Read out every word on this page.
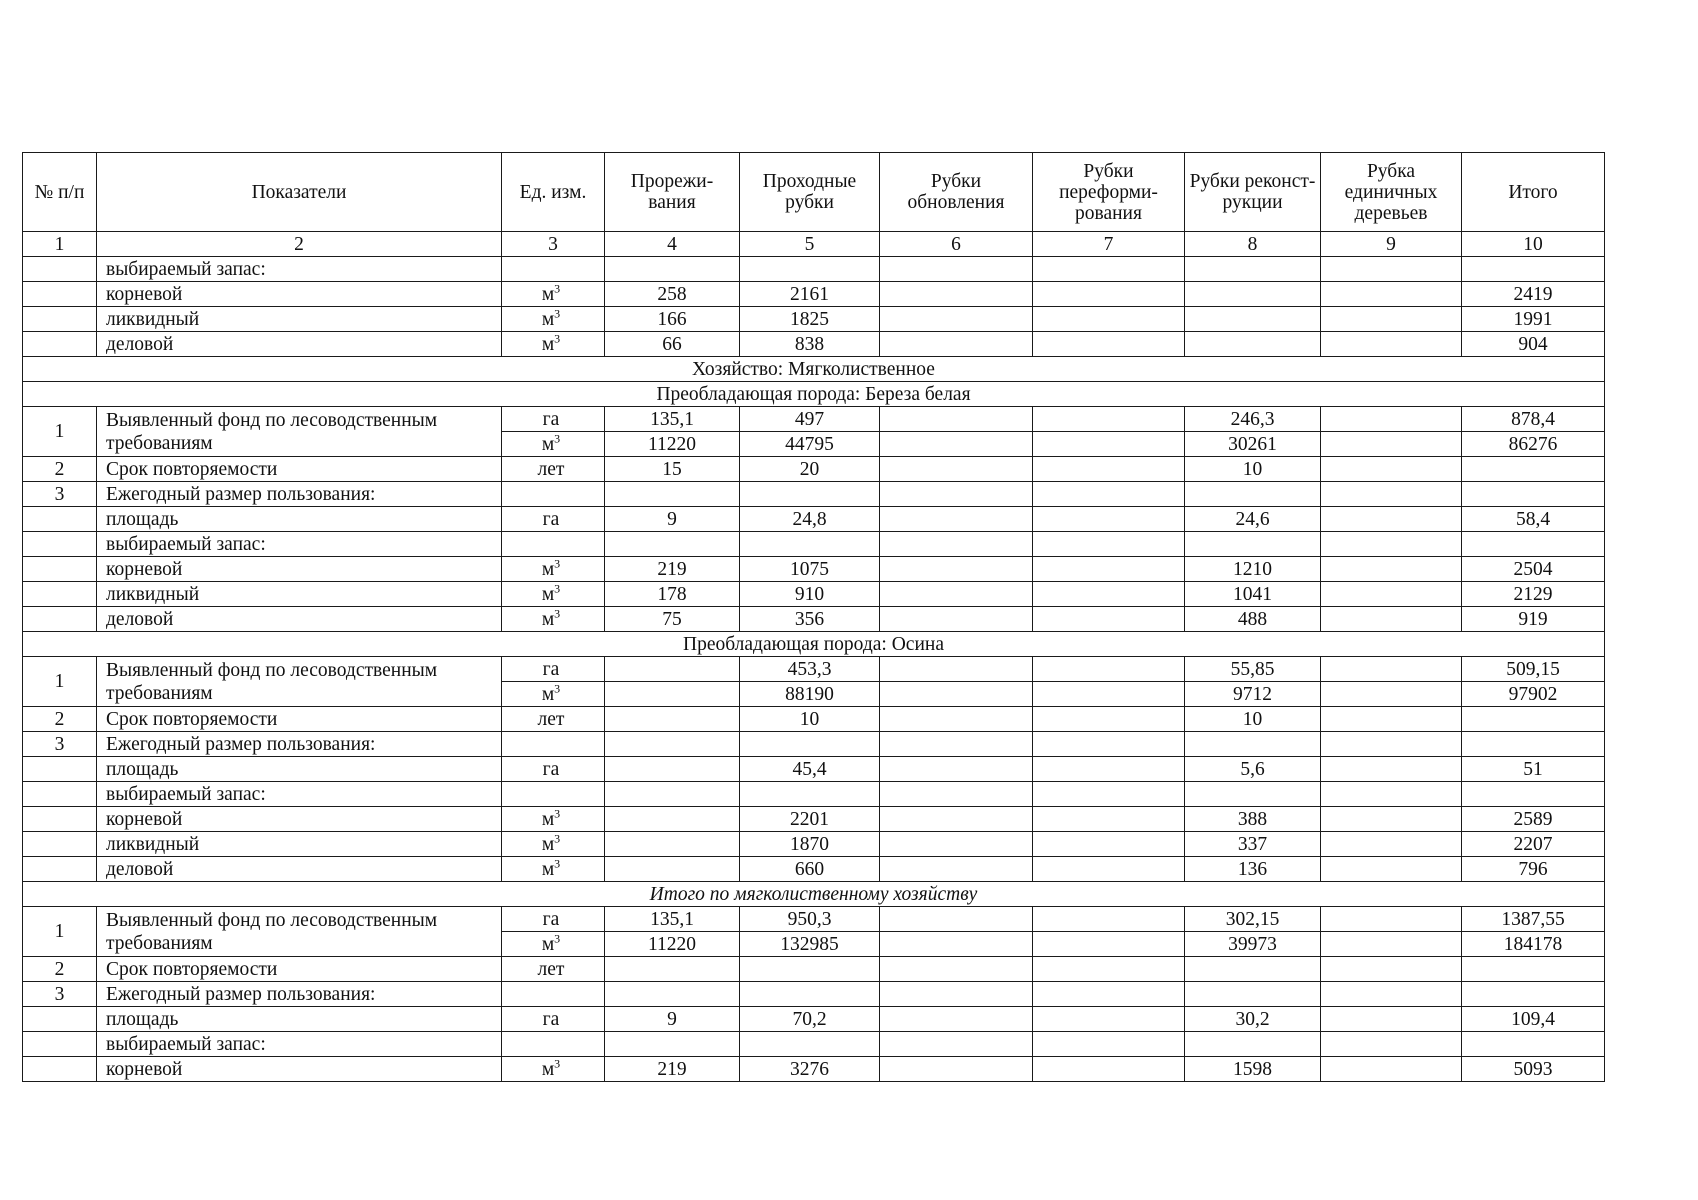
№ п/п	Показатели	Ед. изм.	Прорежи-вания	Проходные рубки	Рубки обновления	Рубки переформи-рования	Рубки реконст-рукции	Рубка единичных деревьев	Итого
1	2	3	4	5	6	7	8	9	10
	выбираемый запас:								
	корневой	$м^3$	258	2161					2419
	ликвидный	$м^3$	166	1825					1991
	деловой	$м^3$	66	838					904
Хозяйство: Мягколиственное									
Преобладающая порода: Береза белая									
1	Выявленный фонд по лесоводственным требованиям	га	135,1	497			246,3		878,4
		$м^3$	11220	44795			30261		86276
2	Срок повторяемости	лет	15	20			10		
3	Ежегодный размер пользования:								
	площадь	га	9	24,8			24,6		58,4
	выбираемый запас:								
	корневой	$м^3$	219	1075			1210		2504
	ликвидный	$м^3$	178	910			1041		2129
	деловой	$м^3$	75	356			488		919
Преобладающая порода: Осина									
1	Выявленный фонд по лесоводственным требованиям	га		453,3			55,85		509,15
		$м^3$		88190			9712		97902
2	Срок повторяемости	лет		10			10		
3	Ежегодный размер пользования:								
	площадь	га		45,4			5,6		51
	выбираемый запас:								
	корневой	$м^3$		2201			388		2589
	ликвидный	$м^3$		1870			337		2207
	деловой	$м^3$		660			136		796
Итого по мягколиственному хозяйству									
1	Выявленный фонд по лесоводственным требованиям	га	135,1	950,3			302,15		1387,55
		$м^3$	11220	132985			39973		184178
2	Срок повторяемости	лет							
3	Ежегодный размер пользования:								
	площадь	га	9	70,2			30,2		109,4
	выбираемый запас:								
	корневой	$м^3$	219	3276			1598		5093
